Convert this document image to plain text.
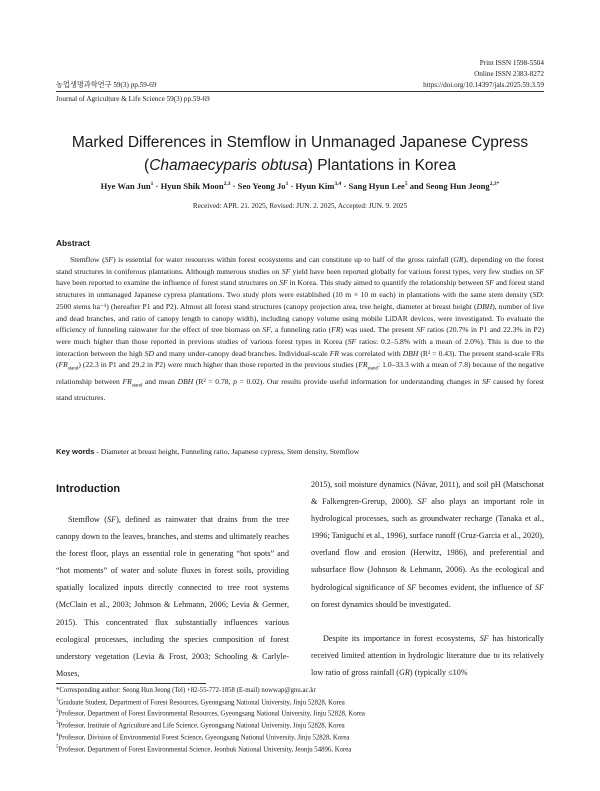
Print ISSN 1598-5504
Online ISSN 2383-8272
농업생명과학연구 59(3) pp.59-69	https://doi.org/10.14397/jals.2025.59.3.59
Journal of Agriculture & Life Science 59(3) pp.59-69
Marked Differences in Stemflow in Unmanaged Japanese Cypress
(Chamaecyparis obtusa) Plantations in Korea
Hye Wan Jun$^1$ · Hyun Shik Moon$^{2,3}$ · Seo Yeong $Jo^1$ · Hyun Kim$^{3,4}$ · Sang Hyun Lee$^5$ and Seong Hun Jeong$^{2,3*}$
Received: APR. 21. 2025, Revised: JUN. 2. 2025, Accepted: JUN. 9. 2025
Abstract
Stemflow (SF) is essential for water resources within forest ecosystems and can constitute up to half of the gross rainfall (GR), depending on the forest stand structures in coniferous plantations. Although numerous studies on SF yield have been reported globally for various forest types, very few studies on SF have been reported to examine the influence of forest stand structures on SF in Korea. This study aimed to quantify the relationship between SF and forest stand structures in unmanaged Japanese cypress plantations. Two study plots were established (10 m × 10 m each) in plantations with the same stem density (SD: 2500 stems ha⁻¹) (hereafter P1 and P2). Almost all forest stand structures (canopy projection area, tree height, diameter at breast height (DBH), number of live and dead branches, and ratio of canopy length to canopy width), including canopy volume using mobile LiDAR devices, were investigated. To evaluate the efficiency of funneling rainwater for the effect of tree biomass on SF, a funneling ratio (FR) was used. The present SF ratios (20.7% in P1 and 22.3% in P2) were much higher than those reported in previous studies of various forest types in Korea (SF ratios: 0.2–5.8% with a mean of 2.0%). This is due to the interaction between the high SD and many under-canopy dead branches. Individual-scale FR was correlated with DBH (R² = 0.43). The present stand-scale FRs $(FR_{stand})$ (22.3 in P1 and 29.2 in P2) were much higher than those reported in the previous studies ($FR_{stand}$: 1.0–33.3 with a mean of 7.8) because of the negative relationship between $FR_{stand}$ and mean DBH (R² = 0.78, p = 0.02). Our results provide useful information for understanding changes in SF caused by forest stand structures.
Key words - Diameter at breast height, Funneling ratio, Japanese cypress, Stem density, Stemflow
Introduction
Stemflow (SF), defined as rainwater that drains from the tree canopy down to the leaves, branches, and stems and ultimately reaches the forest floor, plays an essential role in generating “hot spots” and “hot moments” of water and solute fluxes in forest soils, providing spatially localized inputs directly connected to tree root systems (McClain et al., 2003; Johnson & Lehmann, 2006; Levia & Germer, 2015). This concentrated flux substantially influences various ecological processes, including the species composition of forest understory vegetation (Levia & Frost, 2003; Schooling & Carlyle-Moses,
2015), soil moisture dynamics (Návar, 2011), and soil pH (Matschonat & Falkengren-Grerup, 2000). SF also plays an important role in hydrological processes, such as groundwater recharge (Tanaka et al., 1996; Taniguchi et al., 1996), surface runoff (Cruz-Garcia et al., 2020), overland flow and erosion (Herwitz, 1986), and preferential and subsurface flow (Johnson & Lehmann, 2006). As the ecological and hydrological significance of SF becomes evident, the influence of SF on forest dynamics should be investigated.
Despite its importance in forest ecosystems, SF has historically received limited attention in hydrologic literature due to its relatively low ratio of gross rainfall (GR) (typically ≤10%
*Corresponding author: Seong Hun Jeong (Tel) +82-55-772-1858 (E-mail) nowwap@gnu.ac.kr
$^1$Graduate Student, Department of Forest Resources, Gyeongsang National University, Jinju 52828, Korea
$^2$Professor, Department of Forest Environmental Resources, Gyeongsang National University, Jinju 52828, Korea
$^3$Professor, Institute of Agriculture and Life Science, Gyeongsang National University, Jinju 52828, Korea
$^4$Professor, Division of Environmental Forest Science, Gyeongsang National University, Jinju 52828, Korea
$^5$Professor, Department of Forest Environmental Science, Jeonbuk National University, Jeonju 54896, Korea
